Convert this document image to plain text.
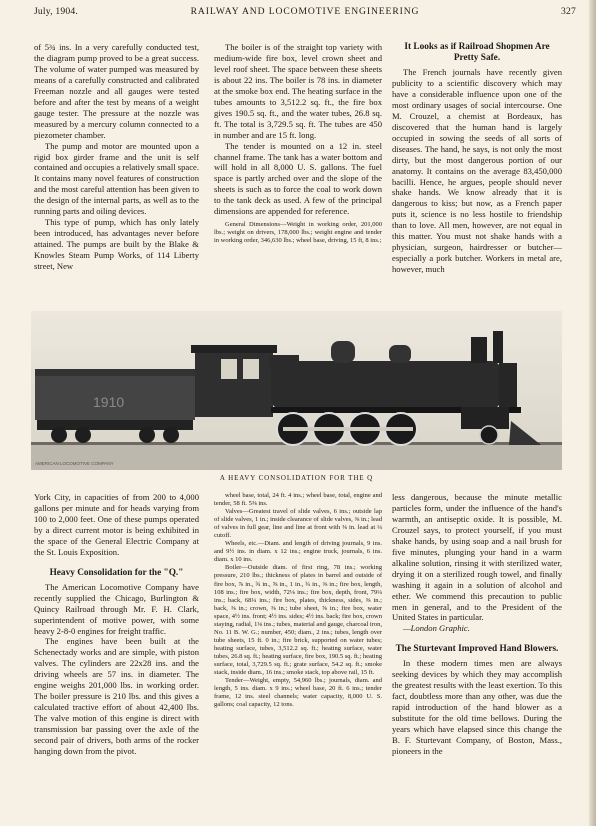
July, 1904.	RAILWAY AND LOCOMOTIVE ENGINEERING	327

of 5¾ ins. In a very carefully conducted test, the diagram pump proved to be a great success. The volume of water pumped was measured by means of a carefully constructed and calibrated Freeman nozzle and all gauges were tested before and after the test by means of a weight gauge tester. The pressure at the nozzle was measured by a mercury column connected to a piezometer chamber.

The pump and motor are mounted upon a rigid box girder frame and the unit is self contained and occupies a relatively small space. It contains many novel features of construction and the most careful attention has been given to the design of the internal parts, as well as to the running parts and oiling devices.

This type of pump, which has only lately been introduced, has advantages never before attained. The pumps are built by the Blake & Knowles Steam Pump Works, of 114 Liberty street, New

The boiler is of the straight top variety with medium-wide fire box, level crown sheet and level roof sheet. The space between these sheets is about 22 ins. The boiler is 78 ins. in diameter at the smoke box end. The heating surface in the tubes amounts to 3,512.2 sq. ft., the fire box gives 190.5 sq. ft., and the water tubes, 26.8 sq. ft. The total is 3,729.5 sq. ft. The tubes are 450 in number and are 15 ft. long.

The tender is mounted on a 12 in. steel channel frame. The tank has a water bottom and will hold in all 8,000 U. S. gallons. The fuel space is partly arched over and the slope of the sheets is such as to force the coal to work down to the tank deck as used. A few of the principal dimensions are appended for reference.

General Dimensions—Weight in working order, 201,000 lbs.; weight on drivers, 178,000 lbs.; weight engine and tender in working order, 346,630 lbs.; wheel base, driving, 15 ft, 8 ins.;

It Looks as if Railroad Shopmen Are Pretty Safe.

The French journals have recently given publicity to a scientific discovery which may have a considerable influence upon one of the most ordinary usages of social intercourse. One M. Crouzel, a chemist at Bordeaux, has discovered that the human hand is largely occupied in sowing the seeds of all sorts of diseases. The hand, he says, is not only the most dirty, but the most dangerous portion of our anatomy. It contains on the average 83,450,000 bacilli. Hence, he argues, people should never shake hands. We know already that it is dangerous to kiss; but now, as a French paper puts it, science is no less hostile to friendship than to love. All men, however, are not equal in this matter. You must not shake hands with a physician, surgeon, hairdresser or butcher—especially a pork butcher. Workers in metal are, however, much

1910
AMERICAN LOCOMOTIVE COMPANY
A HEAVY CONSOLIDATION FOR THE Q

York City, in capacities of from 200 to 4,000 gallons per minute and for heads varying from 100 to 2,000 feet. One of these pumps operated by a direct current motor is being exhibited in the space of the General Electric Company at the St. Louis Exposition.

Heavy Consolidation for the "Q."

The American Locomotive Company have recently supplied the Chicago, Burlington & Quincy Railroad through Mr. F. H. Clark, superintendent of motive power, with some heavy 2-8-0 engines for freight traffic.

The engines have been built at the Schenectady works and are simple, with piston valves. The cylinders are 22x28 ins. and the driving wheels are 57 ins. in diameter. The engine weighs 201,000 lbs. in working order. The boiler pressure is 210 lbs. and this gives a calculated tractive effort of about 42,400 lbs. The valve motion of this engine is direct with transmission bar passing over the axle of the second pair of drivers, both arms of the rocker hanging down from the pivot.

wheel base, total, 24 ft. 4 ins.; wheel base, total, engine and tender, 58 ft. 5⅜ ins.

Valves—Greatest travel of slide valves, 6 ins.; outside lap of slide valves, 1 in.; inside clearance of slide valves, ⅜ in.; lead of valves in full gear, line and line at front with ⅜ in. lead at ¼ cutoff.

Wheels, etc.—Diam. and length of driving journals, 9 ins. and 9½ ins. in diam. x 12 ins.; engine truck, journals, 6 ins. diam. x 10 ins.

Boiler—Outside diam. of first ring, 78 ins.; working pressure, 210 lbs.; thickness of plates in barrel and outside of fire box, ⅞ in., ¾ in., ⅝ in., 1 in., ¾ in., ⅜ in.; fire box, length, 108 ins.; fire box, width, 72⅛ ins.; fire box, depth, front, 79¼ ins.; back, 68¼ ins.; fire box, plates, thickness, sides, ⅜ in.; back, ⅜ in.; crown, ⅜ in.; tube sheet, ⅝ in.; fire box, water space, 4½ ins. front; 4½ ins. sides; 4½ ins. back; fire box, crown staying, radial, 1⅛ ins.; tubes, material and gauge, charcoal iron, No. 11 B. W. G.; number, 450; diam., 2 ins.; tubes, length over tube sheets, 15 ft. 0 in.; fire brick, supported on water tubes; heating surface, tubes, 3,512.2 sq. ft.; heating surface, water tubes, 26.8 sq. ft.; heating surface, fire box, 190.5 sq. ft.; heating surface, total, 3,729.5 sq. ft.; grate surface, 54.2 sq. ft.; smoke stack, inside diam., 16 ins.; smoke stack, top above rail, 15 ft.

Tender—Weight, empty, 54,960 lbs.; journals, diam. and length, 5 ins. diam. x 9 ins.; wheel base, 20 ft. 6 ins.; tender frame, 12 ins. steel channels; water capacity, 8,000 U. S. gallons; coal capacity, 12 tons.

less dangerous, because the minute metallic particles form, under the influence of the hand's warmth, an antiseptic oxide. It is possible, M. Crouzel says, to protect yourself, if you must shake hands, by using soap and a nail brush for five minutes, plunging your hand in a warm alkaline solution, rinsing it with sterilized water, drying it on a sterilized rough towel, and finally washing it again in a solution of alcohol and ether. We commend this precaution to public men in general, and to the President of the United States in particular.

—London Graphic.

The Sturtevant Improved Hand Blowers.

In these modern times men are always seeking devices by which they may accomplish the greatest results with the least exertion. To this fact, doubtless more than any other, was due the rapid introduction of the hand blower as a substitute for the old time bellows. During the years which have elapsed since this change the B. F. Sturtevant Company, of Boston, Mass., pioneers in the
